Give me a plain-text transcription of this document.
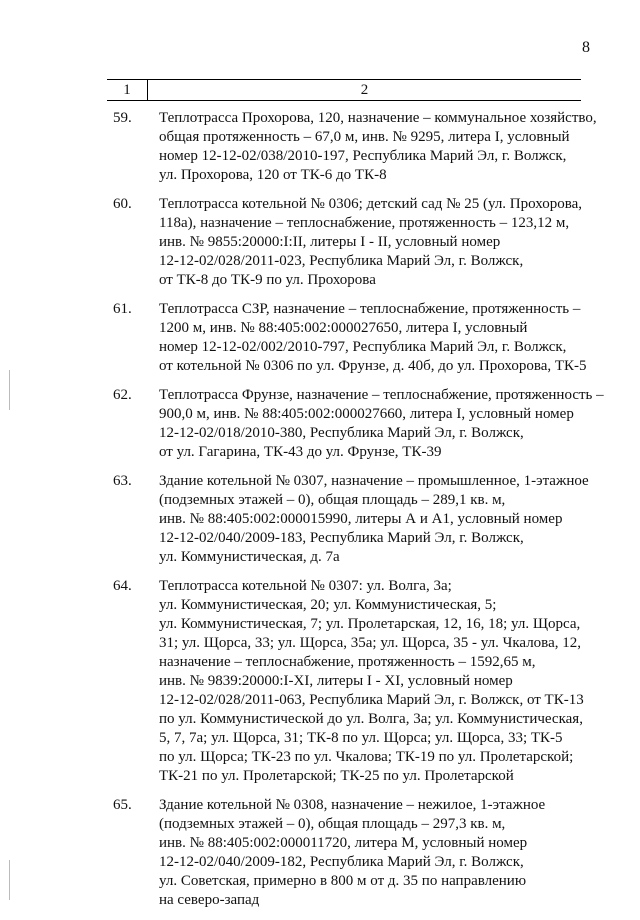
8
1	2
59. Теплотрасса Прохорова, 120, назначение – коммунальное хозяйство,
общая протяженность – 67,0 м, инв. № 9295, литера I, условный
номер 12-12-02/038/2010-197, Республика Марий Эл, г. Волжск,
ул. Прохорова, 120 от ТК-6 до ТК-8
60. Теплотрасса котельной № 0306; детский сад № 25 (ул. Прохорова,
118а), назначение – теплоснабжение, протяженность – 123,12 м,
инв. № 9855:20000:I:II, литеры I - II, условный номер
12-12-02/028/2011-023, Республика Марий Эл, г. Волжск,
от ТК-8 до ТК-9 по ул. Прохорова
61. Теплотрасса СЗР, назначение – теплоснабжение, протяженность –
1200 м, инв. № 88:405:002:000027650, литера I, условный
номер 12-12-02/002/2010-797, Республика Марий Эл, г. Волжск,
от котельной № 0306 по ул. Фрунзе, д. 40б, до ул. Прохорова, ТК-5
62. Теплотрасса Фрунзе, назначение – теплоснабжение, протяженность –
900,0 м, инв. № 88:405:002:000027660, литера I, условный номер
12-12-02/018/2010-380, Республика Марий Эл, г. Волжск,
от ул. Гагарина, ТК-43 до ул. Фрунзе, ТК-39
63. Здание котельной № 0307, назначение – промышленное, 1-этажное
(подземных этажей – 0), общая площадь – 289,1 кв. м,
инв. № 88:405:002:000015990, литеры А и А1, условный номер
12-12-02/040/2009-183, Республика Марий Эл, г. Волжск,
ул. Коммунистическая, д. 7а
64. Теплотрасса котельной № 0307: ул. Волга, 3а;
ул. Коммунистическая, 20; ул. Коммунистическая, 5;
ул. Коммунистическая, 7; ул. Пролетарская, 12, 16, 18; ул. Щорса,
31; ул. Щорса, 33; ул. Щорса, 35а; ул. Щорса, 35 - ул. Чкалова, 12,
назначение – теплоснабжение, протяженность – 1592,65 м,
инв. № 9839:20000:I-XI, литеры I - XI, условный номер
12-12-02/028/2011-063, Республика Марий Эл, г. Волжск, от ТК-13
по ул. Коммунистической до ул. Волга, 3а; ул. Коммунистическая,
5, 7, 7а; ул. Щорса, 31; ТК-8 по ул. Щорса; ул. Щорса, 33; ТК-5
по ул. Щорса; ТК-23 по ул. Чкалова; ТК-19 по ул. Пролетарской;
ТК-21 по ул. Пролетарской; ТК-25 по ул. Пролетарской
65. Здание котельной № 0308, назначение – нежилое, 1-этажное
(подземных этажей – 0), общая площадь – 297,3 кв. м,
инв. № 88:405:002:000011720, литера М, условный номер
12-12-02/040/2009-182, Республика Марий Эл, г. Волжск,
ул. Советская, примерно в 800 м от д. 35 по направлению
на северо-запад
